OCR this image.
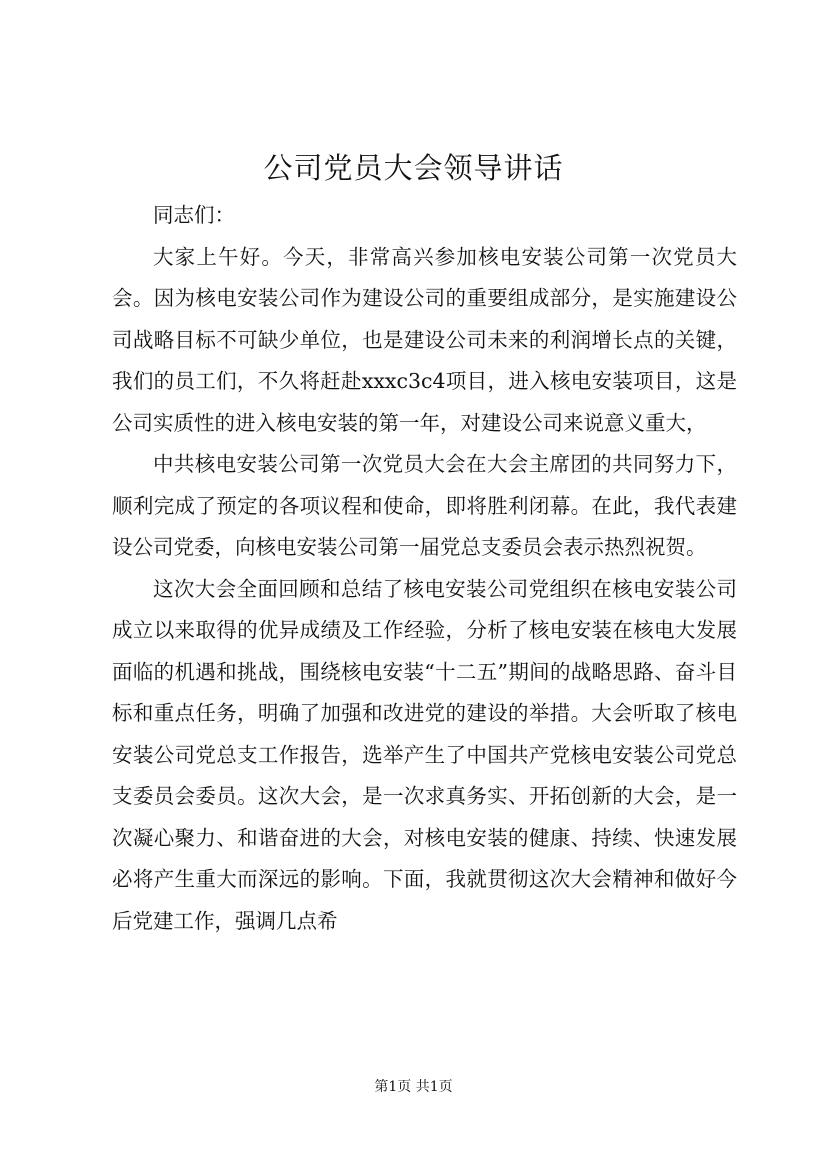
公司党员大会领导讲话

同志们：

大家上午好。今天，非常高兴参加核电安装公司第一次党员大会。因为核电安装公司作为建设公司的重要组成部分，是实施建设公司战略目标不可缺少单位，也是建设公司未来的利润增长点的关键，我们的员工们，不久将赶赴xxxc3c4项目，进入核电安装项目，这是公司实质性的进入核电安装的第一年，对建设公司来说意义重大，

中共核电安装公司第一次党员大会在大会主席团的共同努力下，顺利完成了预定的各项议程和使命，即将胜利闭幕。在此，我代表建设公司党委，向核电安装公司第一届党总支委员会表示热烈祝贺。

这次大会全面回顾和总结了核电安装公司党组织在核电安装公司成立以来取得的优异成绩及工作经验，分析了核电安装在核电大发展面临的机遇和挑战，围绕核电安装“十二五”期间的战略思路、奋斗目标和重点任务，明确了加强和改进党的建设的举措。大会听取了核电安装公司党总支工作报告，选举产生了中国共产党核电安装公司党总支委员会委员。这次大会，是一次求真务实、开拓创新的大会，是一次凝心聚力、和谐奋进的大会，对核电安装的健康、持续、快速发展必将产生重大而深远的影响。下面，我就贯彻这次大会精神和做好今后党建工作，强调几点希

第1页 共1页
